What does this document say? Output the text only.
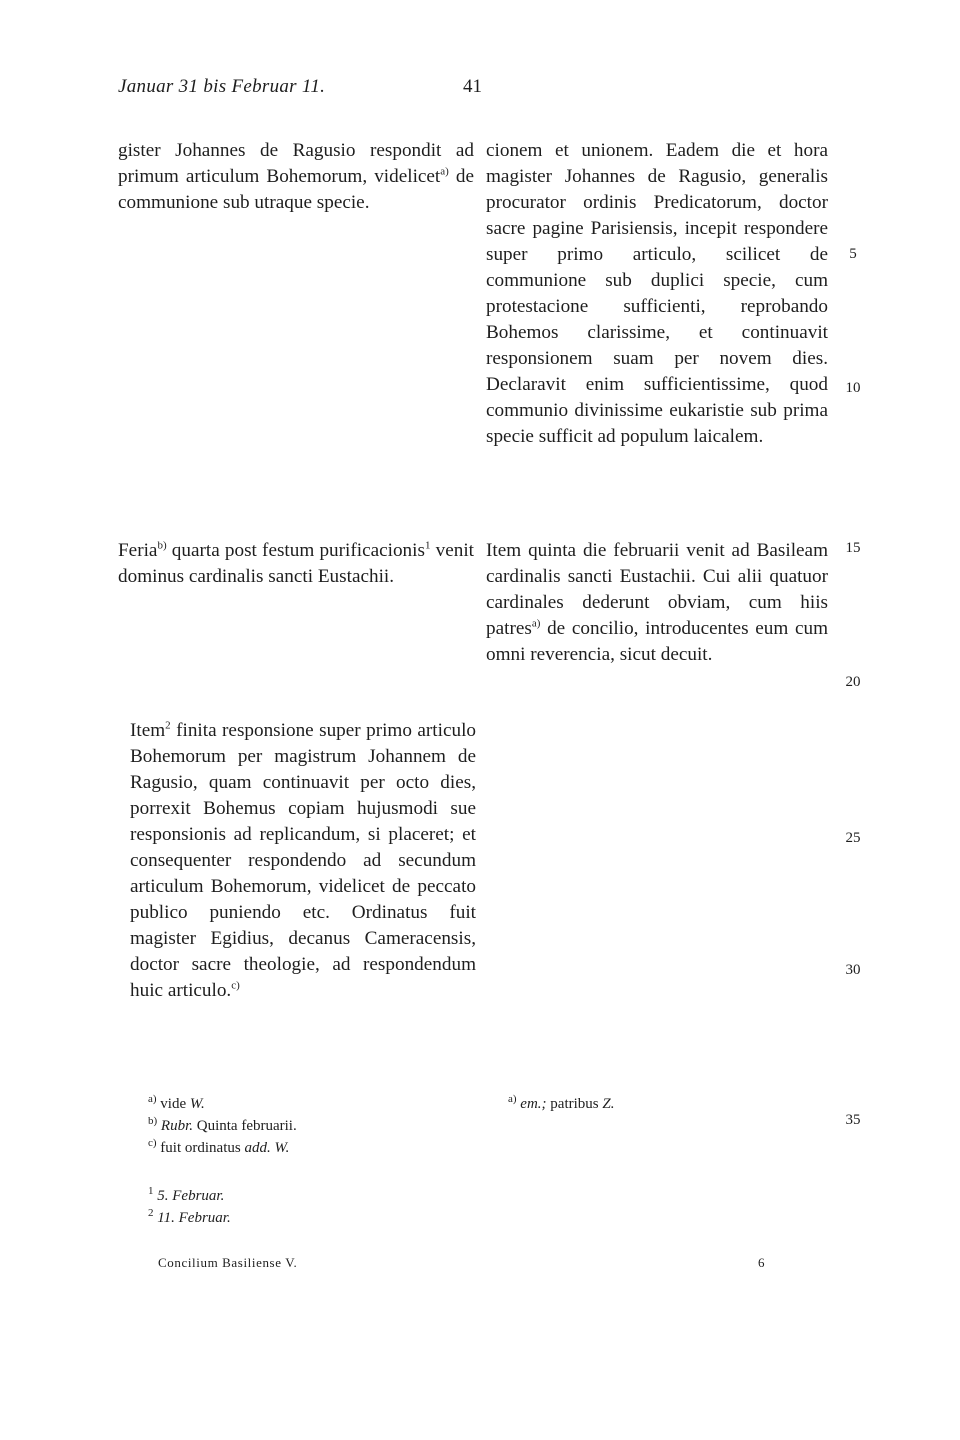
Januar 31 bis Februar 11.	41
gister Johannes de Ragusio respondit ad primum articulum Bohemorum, videlicet$^{a)}$ de communione sub utraque specie.
Feria$^{b)}$ quarta post festum purificacionis$^1$ venit dominus cardinalis sancti Eustachii.
Item$^2$ finita responsione super primo articulo Bohemorum per magistrum Johannem de Ragusio, quam continuavit per octo dies, porrexit Bohemus copiam hujusmodi sue responsionis ad replicandum, si placeret; et consequenter respondendo ad secundum articulum Bohemorum, videlicet de peccato publico puniendo etc. Ordinatus fuit magister Egidius, decanus Cameracensis, doctor sacre theologie, ad respondendum huic articulo.$^{c)}$
cionem et unionem. Eadem die et hora magister Johannes de Ragusio, generalis procurator ordinis Predicatorum, doctor sacre pagine Parisiensis, incepit respondere super primo articulo, scilicet de communione sub duplici specie, cum protestacione sufficienti, reprobando Bohemos clarissime, et continuavit responsionem suam per novem dies. Declaravit enim sufficientissime, quod communio divinissime eukaristie sub prima specie sufficit ad populum laicalem.
Item quinta die februarii venit ad Basileam cardinalis sancti Eustachii. Cui alii quatuor cardinales dederunt obviam, cum hiis patres$^{a)}$ de concilio, introducentes eum cum omni reverencia, sicut decuit.
5
10
15
20
25
30
35
$^{a)}$ vide W.
$^{b)}$ Rubr. Quinta februarii.
$^{c)}$ fuit ordinatus add. W.
$^{a)}$ em.; patribus Z.
$^1$ 5. Februar.
$^2$ 11. Februar.
Concilium Basiliense V.	6
